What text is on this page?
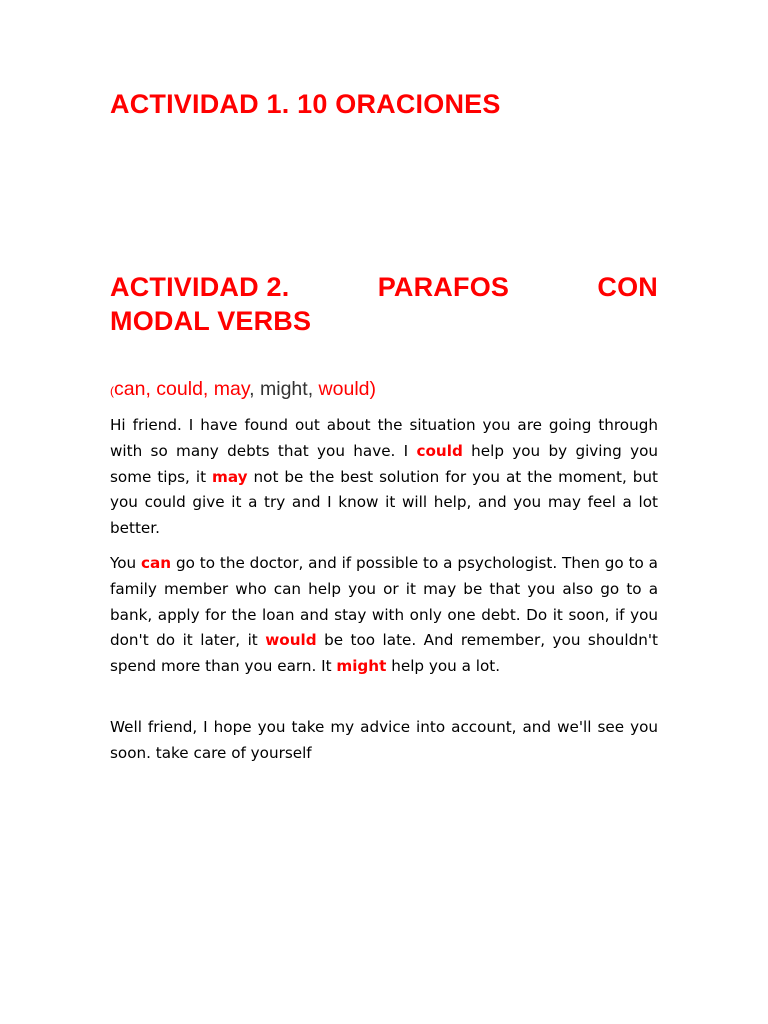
ACTIVIDAD 1. 10 ORACIONES
ACTIVIDAD 2.	PARAFOS	CON
MODAL VERBS
(can, could, may, might, would)

Hi friend. I have found out about the situation you are going through with so many debts that you have. I could help you by giving you some tips, it may not be the best solution for you at the moment, but you could give it a try and I know it will help, and you may feel a lot better.

You can go to the doctor, and if possible to a psychologist. Then go to a family member who can help you or it may be that you also go to a bank, apply for the loan and stay with only one debt. Do it soon, if you don't do it later, it would be too late. And remember, you shouldn't spend more than you earn. It might help you a lot.

Well friend, I hope you take my advice into account, and we'll see you soon. take care of yourself
